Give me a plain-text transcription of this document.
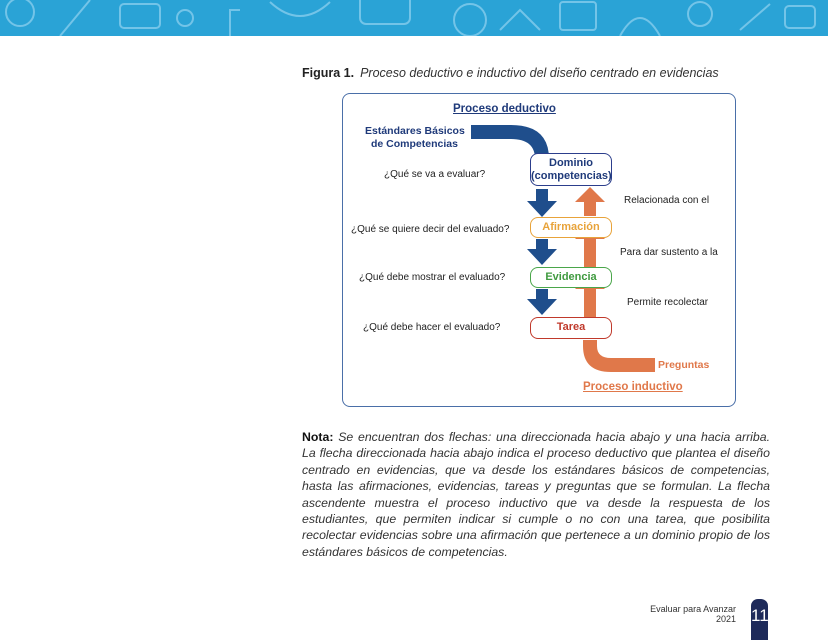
Figura 1. Proceso deductivo e inductivo del diseño centrado en evidencias
Proceso deductivo
Proceso inductivo
Estándares Básicos
de Competencias
Preguntas
Dominio
(competencias)
Afirmación
Evidencia
Tarea
¿Qué se va a evaluar?
¿Qué se quiere decir del evaluado?
¿Qué debe mostrar el evaluado?
¿Qué debe hacer el evaluado?
Relacionada con el
Para dar sustento a la
Permite recolectar
Nota: Se encuentran dos flechas: una direccionada hacia abajo y una hacia arriba. La flecha direccionada hacia abajo indica el proceso deductivo que plantea el diseño centrado en evidencias, que va desde los estándares básicos de competencias, hasta las afirmaciones, evidencias, tareas y preguntas que se formulan. La flecha ascendente muestra el proceso inductivo que va desde la respuesta de los estudiantes, que permiten indicar si cumple o no con una tarea, que posibilita recolectar evidencias sobre una afirmación que pertenece a un dominio propio de los estándares básicos de competencias.
Evaluar para Avanzar
2021 11
